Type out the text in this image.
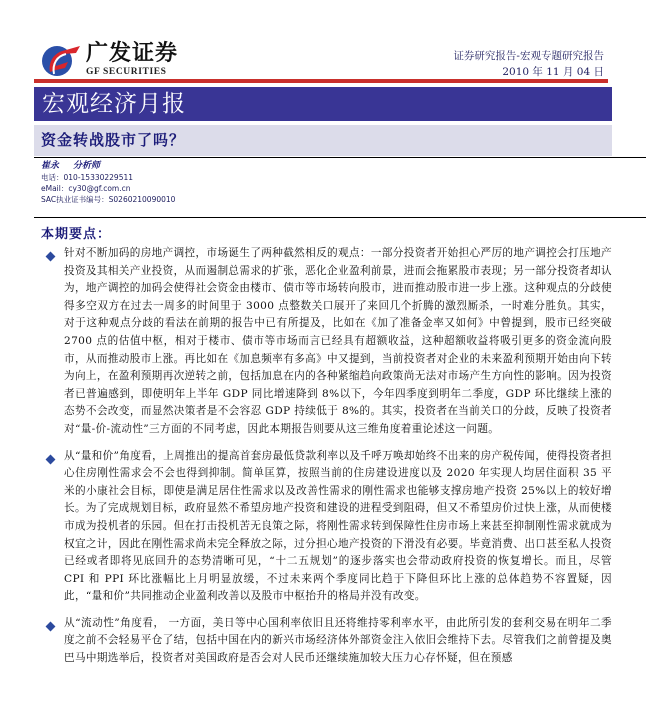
广发证券
GF SECURITIES
证券研究报告-宏观专题研究报告
2010 年 11 月 04 日
宏观经济月报
资金转战股市了吗？
崔永 分析师
电话：010-15330229511
eMail：cy30@gf.com.cn
SAC执业证书编号：S0260210090010
本期要点：

针对不断加码的房地产调控，市场诞生了两种截然相反的观点：一部分投资者开始担心严厉的地产调控会打压地产投资及其相关产业投资，从而遏制总需求的扩张，恶化企业盈利前景，进而会拖累股市表现；另一部分投资者却认为，地产调控的加码会使得社会资金由楼市、债市等市场转向股市，进而推动股市进一步上涨。这种观点的分歧使得多空双方在过去一周多的时间里于 3000 点整数关口展开了来回几个折腾的激烈厮杀，一时难分胜负。其实，对于这种观点分歧的看法在前期的报告中已有所提及，比如在《加了准备金率又如何》中曾提到，股市已经突破 2700 点的估值中枢，相对于楼市、债市等市场而言已经具有超额收益，这种超额收益将吸引更多的资金流向股市，从而推动股市上涨。再比如在《加息频率有多高》中又提到，当前投资者对企业的未来盈利预期开始由向下转为向上，在盈利预期再次逆转之前，包括加息在内的各种紧缩趋向政策尚无法对市场产生方向性的影响。因为投资者已普遍感到，即使明年上半年 GDP 同比增速降到 8%以下，今年四季度到明年二季度，GDP 环比继续上涨的态势不会改变，而显然决策者是不会容忍 GDP 持续低于 8%的。其实，投资者在当前关口的分歧，反映了投资者对“量-价-流动性”三方面的不同考虑，因此本期报告则要从这三维角度着重论述这一问题。

从“量和价”角度看，上周推出的提高首套房最低贷款利率以及千呼万唤却始终不出来的房产税传闻，使得投资者担心住房刚性需求会不会也得到抑制。简单匡算，按照当前的住房建设进度以及 2020 年实现人均居住面积 35 平米的小康社会目标，即使是满足居住性需求以及改善性需求的刚性需求也能够支撑房地产投资 25%以上的较好增长。为了完成规划目标，政府显然不希望房地产投资和建设的进程受到阻碍，但又不希望房价过快上涨，从而使楼市成为投机者的乐园。但在打击投机苦无良策之际，将刚性需求转到保障性住房市场上来甚至抑制刚性需求就成为权宜之计，因此在刚性需求尚未完全释放之际，过分担心地产投资的下滑没有必要。毕竟消费、出口甚至私人投资已经或者即将见底回升的态势清晰可见，“十二五规划”的逐步落实也会带动政府投资的恢复增长。而且，尽管 CPI 和 PPI 环比涨幅比上月明显放缓，不过未来两个季度同比趋于下降但环比上涨的总体趋势不容置疑，因此，“量和价”共同推动企业盈利改善以及股市中枢抬升的格局并没有改变。

从“流动性”角度看， 一方面，美日等中心国利率依旧且还将维持零利率水平，由此所引发的套利交易在明年二季度之前不会轻易平仓了结，包括中国在内的新兴市场经济体外部资金注入依旧会维持下去。尽管我们之前曾提及奥巴马中期选举后，投资者对美国政府是否会对人民币还继续施加较大压力心存怀疑，但在预感
